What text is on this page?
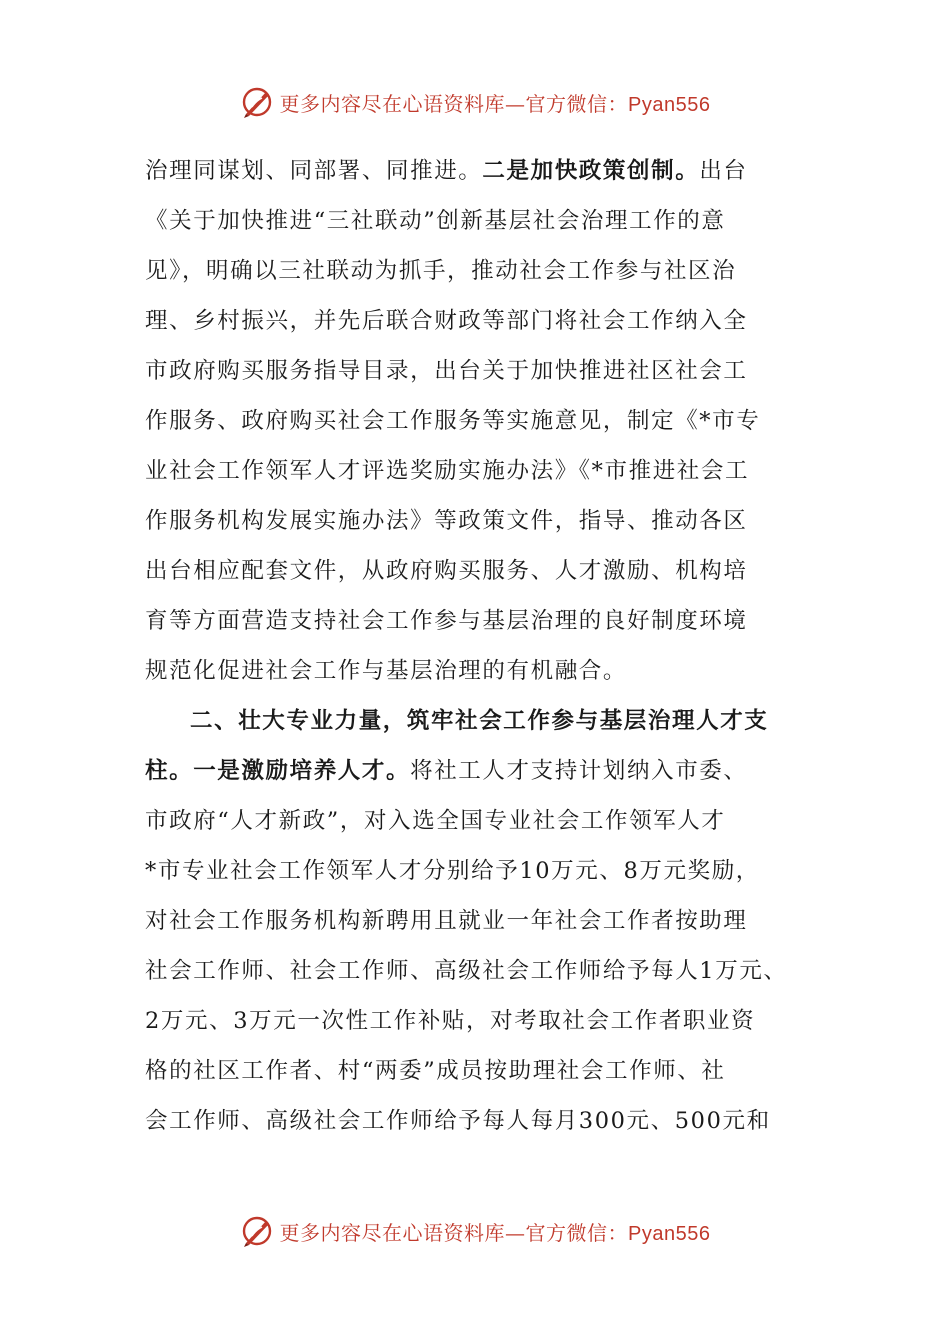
更多内容尽在心语资料库—官方微信：Pyan556
治理同谋划、同部署、同推进。二是加快政策创制。出台
《关于加快推进“三社联动”创新基层社会治理工作的意
见》，明确以三社联动为抓手，推动社会工作参与社区治
理、乡村振兴，并先后联合财政等部门将社会工作纳入全
市政府购买服务指导目录，出台关于加快推进社区社会工
作服务、政府购买社会工作服务等实施意见，制定《*市专
业社会工作领军人才评选奖励实施办法》《*市推进社会工
作服务机构发展实施办法》等政策文件，指导、推动各区
出台相应配套文件，从政府购买服务、人才激励、机构培
育等方面营造支持社会工作参与基层治理的良好制度环境
规范化促进社会工作与基层治理的有机融合。
二、壮大专业力量，筑牢社会工作参与基层治理人才支
柱。一是激励培养人才。将社工人才支持计划纳入市委、
市政府“人才新政”，对入选全国专业社会工作领军人才
*市专业社会工作领军人才分别给予10万元、8万元奖励，
对社会工作服务机构新聘用且就业一年社会工作者按助理
社会工作师、社会工作师、高级社会工作师给予每人1万元、
2万元、3万元一次性工作补贴，对考取社会工作者职业资
格的社区工作者、村“两委”成员按助理社会工作师、社
会工作师、高级社会工作师给予每人每月300元、500元和
更多内容尽在心语资料库—官方微信：Pyan556
